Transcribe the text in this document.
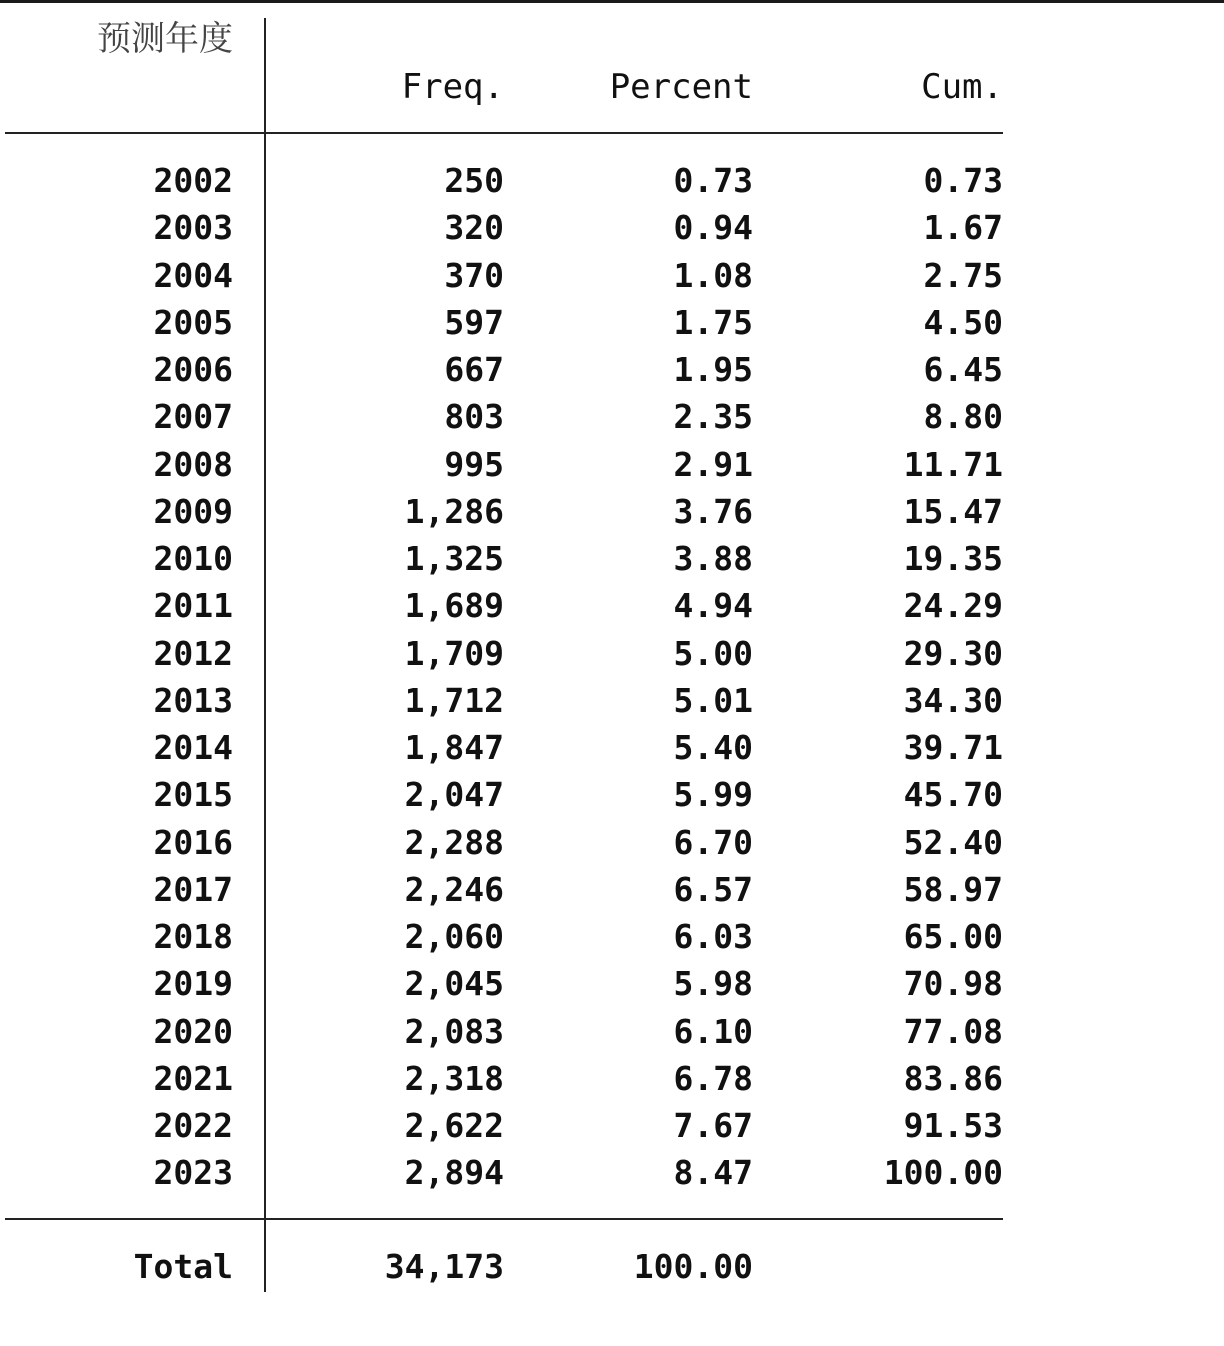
预测年度
Freq.	Percent	Cum.
2002	250	0.73	0.73
2003	320	0.94	1.67
2004	370	1.08	2.75
2005	597	1.75	4.50
2006	667	1.95	6.45
2007	803	2.35	8.80
2008	995	2.91	11.71
2009	1,286	3.76	15.47
2010	1,325	3.88	19.35
2011	1,689	4.94	24.29
2012	1,709	5.00	29.30
2013	1,712	5.01	34.30
2014	1,847	5.40	39.71
2015	2,047	5.99	45.70
2016	2,288	6.70	52.40
2017	2,246	6.57	58.97
2018	2,060	6.03	65.00
2019	2,045	5.98	70.98
2020	2,083	6.10	77.08
2021	2,318	6.78	83.86
2022	2,622	7.67	91.53
2023	2,894	8.47	100.00
Total	34,173	100.00
